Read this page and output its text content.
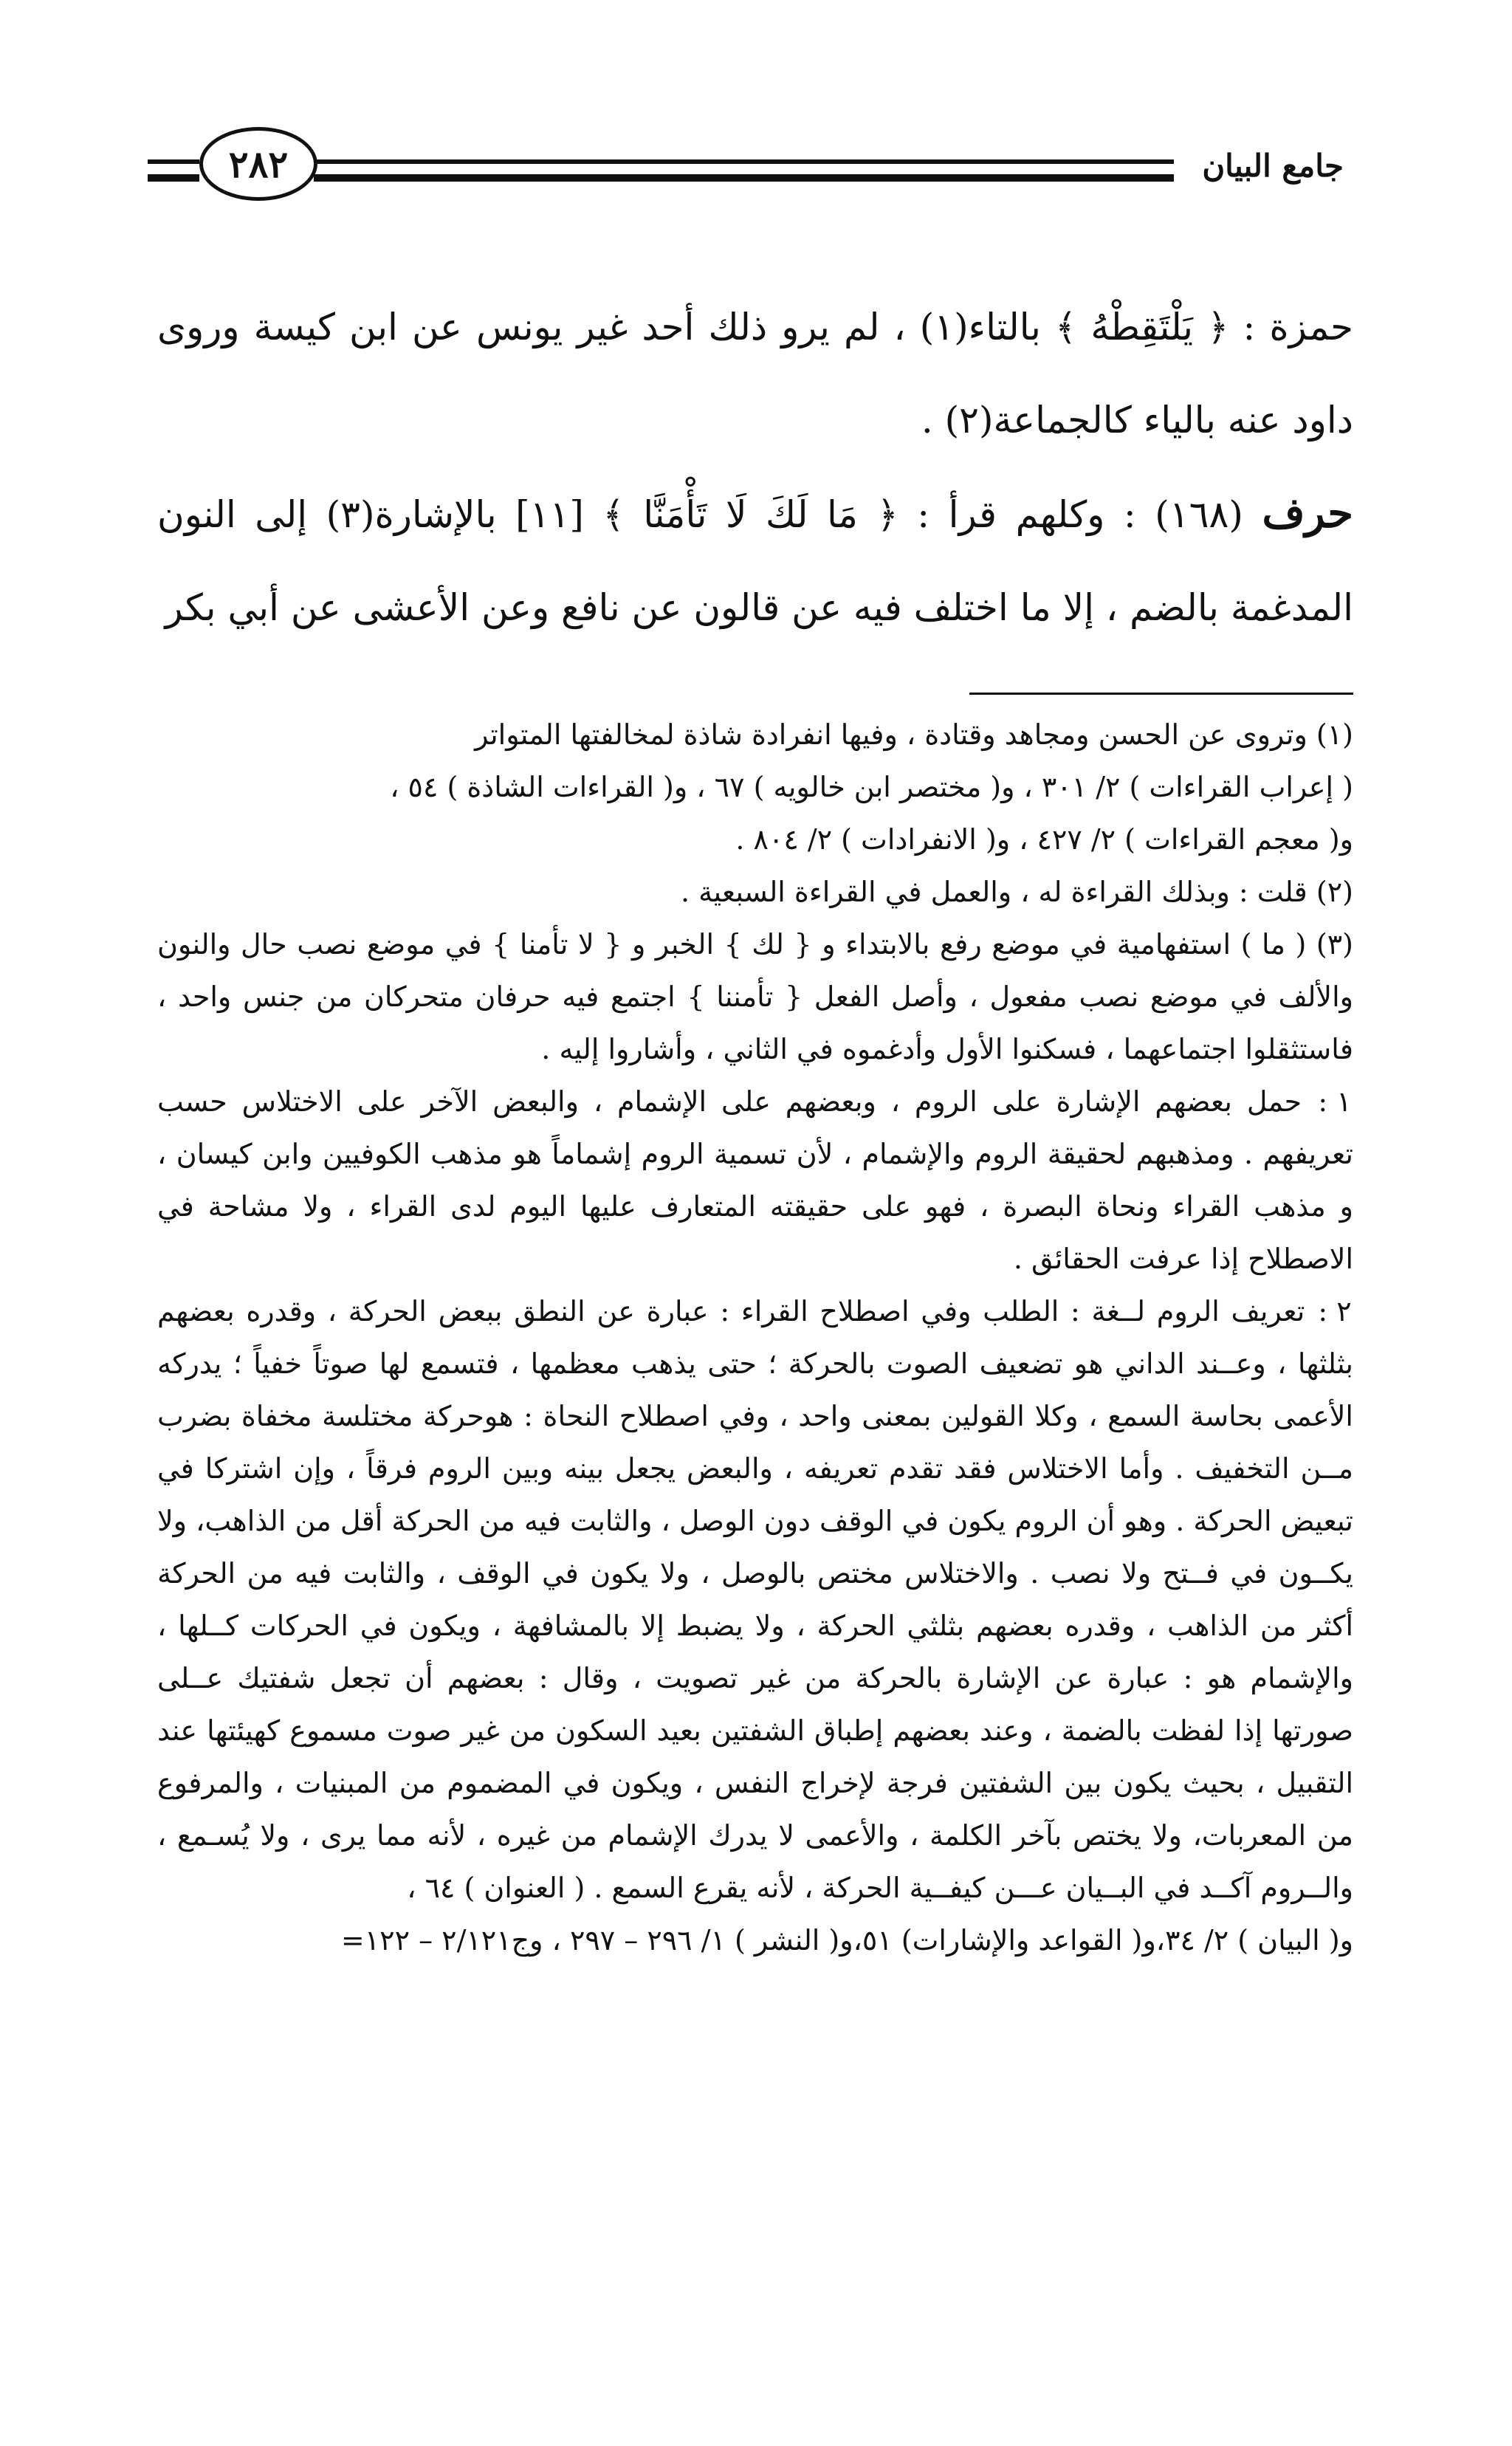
جامع البيان
٢٨٢

حمزة : ﴿ يَلْتَقِطْهُ ﴾ بالتاء(١) ، لم يرو ذلك أحد غير يونس عن ابن كيسة وروى داود عنه بالياء كالجماعة(٢) .

حرف (١٦٨) : وكلهم قرأ : ﴿ مَا لَكَ لَا تَأْمَنَّا ﴾ [١١] بالإشارة(٣) إلى النون المدغمة بالضم ، إلا ما اختلف فيه عن قالون عن نافع وعن الأعشى عن أبي بكر

(١) وتروى عن الحسن ومجاهد وقتادة ، وفيها انفرادة شاذة لمخالفتها المتواتر

( إعراب القراءات ) ٢/ ٣٠١ ، و( مختصر ابن خالويه ) ٦٧ ، و( القراءات الشاذة ) ٥٤ ،

و( معجم القراءات ) ٢/ ٤٢٧ ، و( الانفرادات ) ٢/ ٨٠٤ .

(٢) قلت : وبذلك القراءة له ، والعمل في القراءة السبعية .

(٣) ( ما ) استفهامية في موضع رفع بالابتداء و { لك } الخبر و { لا تأمنا } في موضع نصب حال والنون والألف في موضع نصب مفعول ، وأصل الفعل { تأمننا } اجتمع فيه حرفان متحركان من جنس واحد ، فاستثقلوا اجتماعهما ، فسكنوا الأول وأدغموه في الثاني ، وأشاروا إليه .

١ : حمل بعضهم الإشارة على الروم ، وبعضهم على الإشمام ، والبعض الآخر على الاختلاس حسب تعريفهم . ومذهبهم لحقيقة الروم والإشمام ، لأن تسمية الروم إشماماً هو مذهب الكوفيين وابن كيسان ، و مذهب القراء ونحاة البصرة ، فهو على حقيقته المتعارف عليها اليوم لدى القراء ، ولا مشاحة في الاصطلاح إذا عرفت الحقائق .

٢ : تعريف الروم لــغة : الطلب وفي اصطلاح القراء : عبارة عن النطق ببعض الحركة ، وقدره بعضهم بثلثها ، وعــند الداني هو تضعيف الصوت بالحركة ؛ حتى يذهب معظمها ، فتسمع لها صوتاً خفياً ؛ يدركه الأعمى بحاسة السمع ، وكلا القولين بمعنى واحد ، وفي اصطلاح النحاة : هوحركة مختلسة مخفاة بضرب مــن التخفيف . وأما الاختلاس فقد تقدم تعريفه ، والبعض يجعل بينه وبين الروم فرقاً ، وإن اشتركا في تبعيض الحركة . وهو أن الروم يكون في الوقف دون الوصل ، والثابت فيه من الحركة أقل من الذاهب، ولا يكــون في فــتح ولا نصب . والاختلاس مختص بالوصل ، ولا يكون في الوقف ، والثابت فيه من الحركة أكثر من الذاهب ، وقدره بعضهم بثلثي الحركة ، ولا يضبط إلا بالمشافهة ، ويكون في الحركات كــلها ، والإشمام هو : عبارة عن الإشارة بالحركة من غير تصويت ، وقال : بعضهم أن تجعل شفتيك عــلى صورتها إذا لفظت بالضمة ، وعند بعضهم إطباق الشفتين بعيد السكون من غير صوت مسموع كهيئتها عند التقبيل ، بحيث يكون بين الشفتين فرجة لإخراج النفس ، ويكون في المضموم من المبنيات ، والمرفوع من المعربات، ولا يختص بآخر الكلمة ، والأعمى لا يدرك الإشمام من غيره ، لأنه مما يرى ، ولا يُسـمع ، والــروم آكــد في البــيان عـــن كيفــية الحركة ، لأنه يقرع السمع . ( العنوان ) ٦٤ ،

و( البيان ) ٢/ ٣٤،و( القواعد والإشارات) ٥١،و( النشر ) ١/ ٢٩٦ – ٢٩٧ ، وج٢/١٢١ – ١٢٢=
